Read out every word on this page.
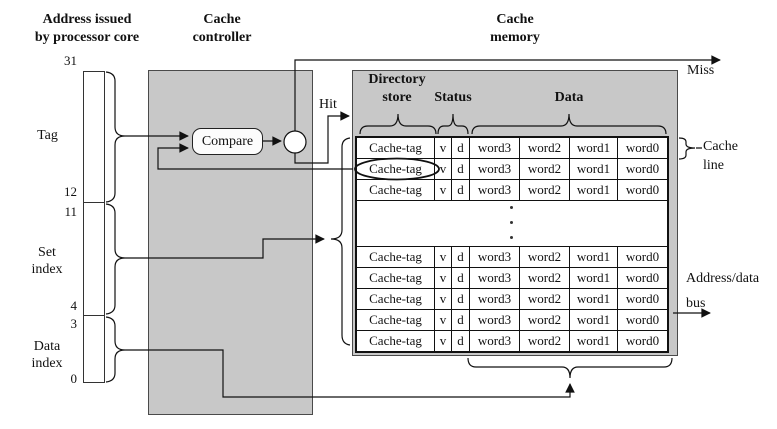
Address issued
by processor core
Cache
controller
Cache
memory
31
12
11
4
3
0
Tag
Set
index
Data
index
Compare
Hit
Miss
Directory
store	Status	Data
Cache-tag	v d	word3	word2	word1	word0
Cache-tag	v d	word3	word2	word1	word0
Cache-tag	v d	word3	word2	word1	word0
Cache-tag	v d	word3	word2	word1	word0
Cache-tag	v d	word3	word2	word1	word0
Cache-tag	v d	word3	word2	word1	word0
Cache-tag	v d	word3	word2	word1	word0
Cache-tag	v d	word3	word2	word1	word0
Cache
line
Address/data
bus
